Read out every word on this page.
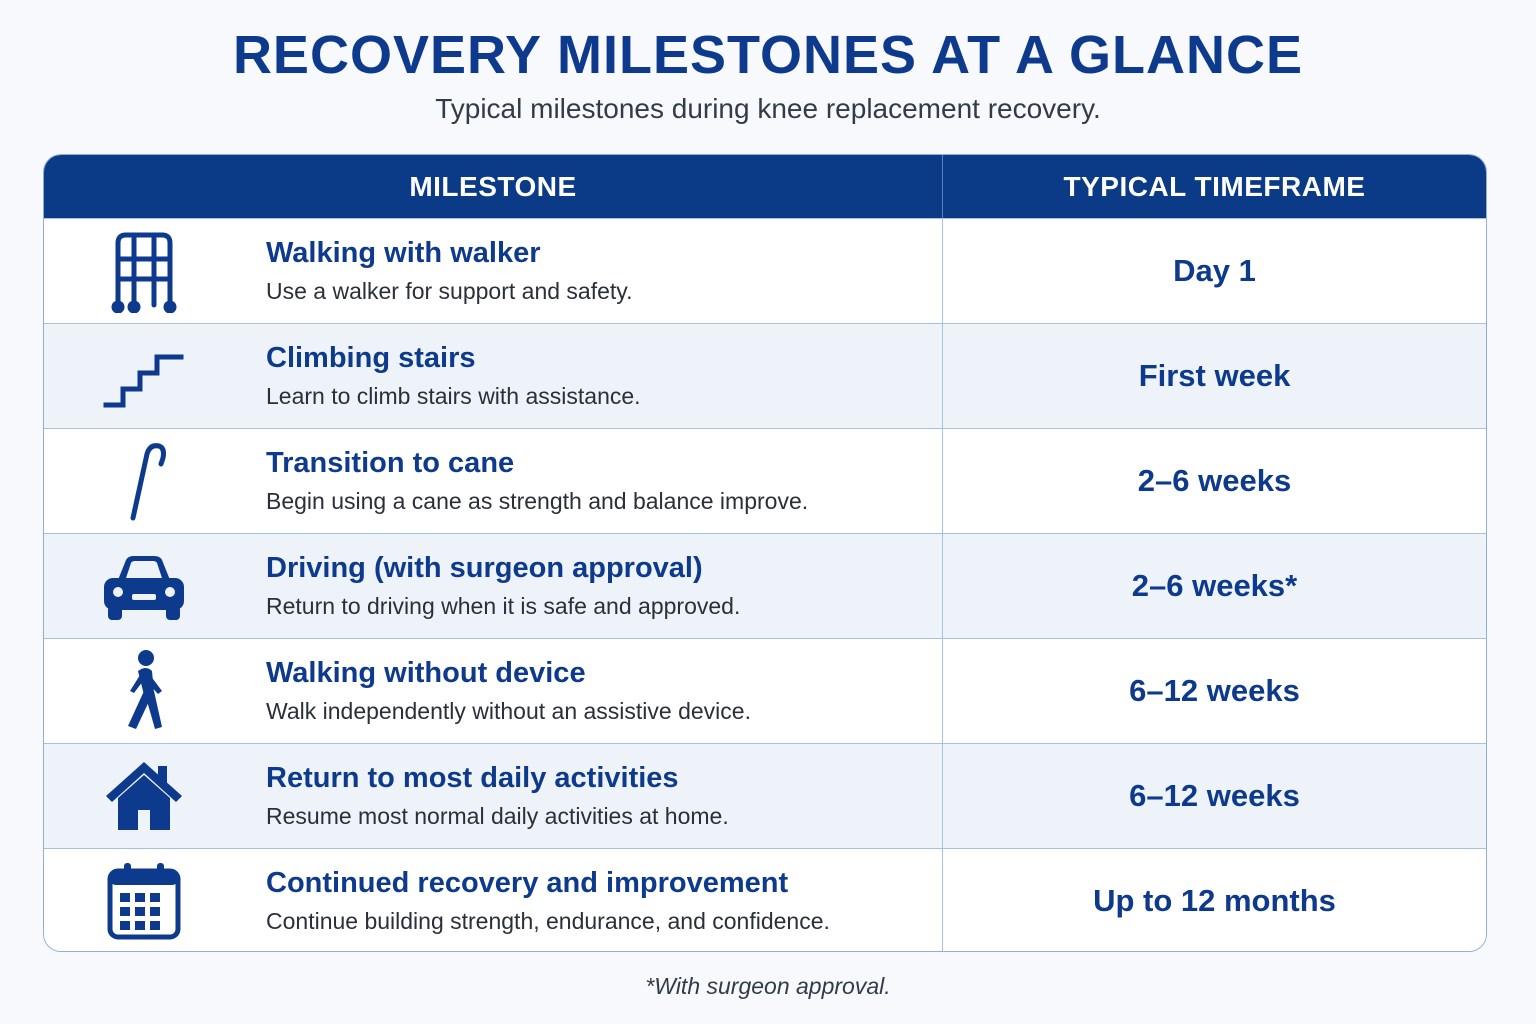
RECOVERY MILESTONES AT A GLANCE
Typical milestones during knee replacement recovery.
MILESTONE	TYPICAL TIMEFRAME
Walking with walker
Use a walker for support and safety.
Day 1
Climbing stairs
Learn to climb stairs with assistance.
First week
Transition to cane
Begin using a cane as strength and balance improve.
2–6 weeks
Driving (with surgeon approval)
Return to driving when it is safe and approved.
2–6 weeks*
Walking without device
Walk independently without an assistive device.
6–12 weeks
Return to most daily activities
Resume most normal daily activities at home.
6–12 weeks
Continued recovery and improvement
Continue building strength, endurance, and confidence.
Up to 12 months
*With surgeon approval.
